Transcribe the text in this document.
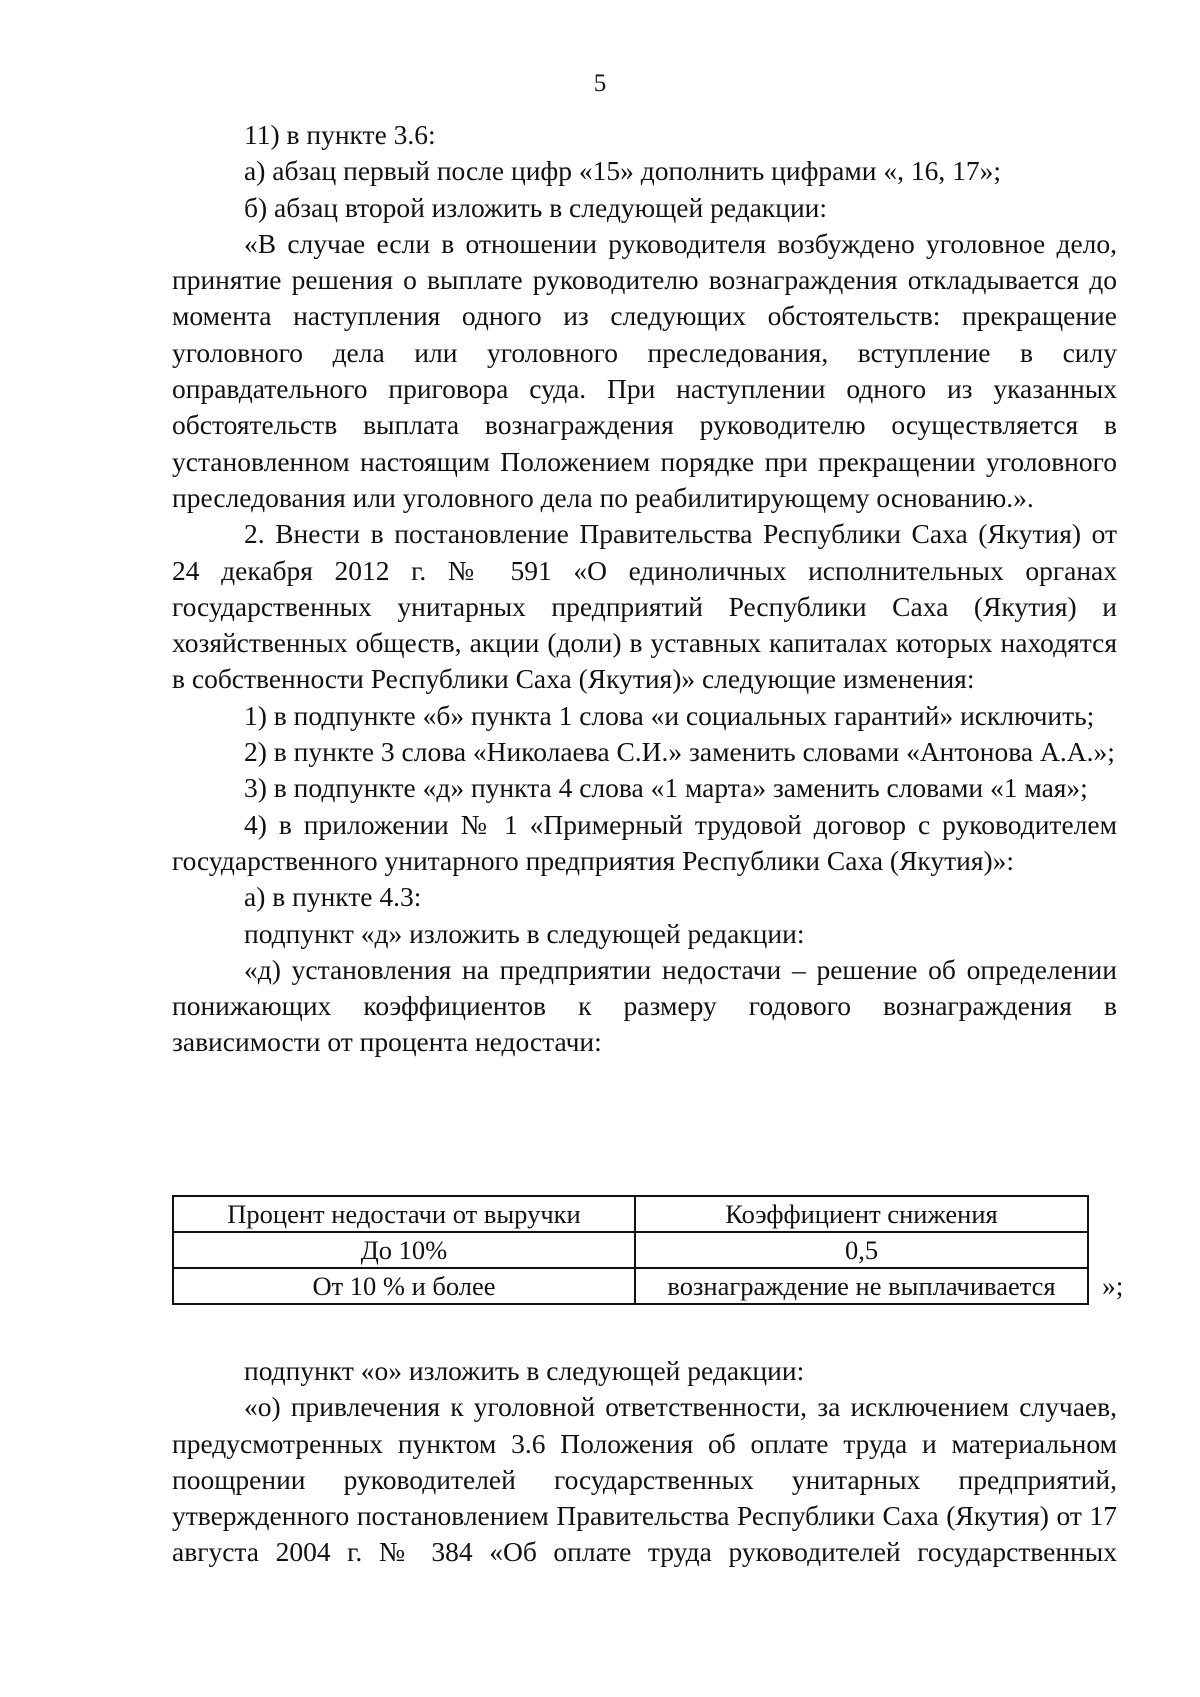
5

11) в пункте 3.6:

а) абзац первый после цифр «15» дополнить цифрами «, 16, 17»;

б) абзац второй изложить в следующей редакции:

«В случае если в отношении руководителя возбуждено уголовное дело, принятие решения о выплате руководителю вознаграждения откладывается до момента наступления одного из следующих обстоятельств: прекращение уголовного дела или уголовного преследования, вступление в силу оправдательного приговора суда. При наступлении одного из указанных обстоятельств выплата вознаграждения руководителю осуществляется в установленном настоящим Положением порядке при прекращении уголовного преследования или уголовного дела по реабилитирующему основанию.».

2. Внести в постановление Правительства Республики Саха (Якутия) от 24 декабря 2012 г. № 591 «О единоличных исполнительных органах государственных унитарных предприятий Республики Саха (Якутия) и хозяйственных обществ, акции (доли) в уставных капиталах которых находятся в собственности Республики Саха (Якутия)» следующие изменения:

1) в подпункте «б» пункта 1 слова «и социальных гарантий» исключить;

2) в пункте 3 слова «Николаева С.И.» заменить словами «Антонова А.А.»;

3) в подпункте «д» пункта 4 слова «1 марта» заменить словами «1 мая»;

4) в приложении № 1 «Примерный трудовой договор с руководителем государственного унитарного предприятия Республики Саха (Якутия)»:

а) в пункте 4.3:

подпункт «д» изложить в следующей редакции:

«д) установления на предприятии недостачи – решение об определении понижающих коэффициентов к размеру годового вознаграждения в зависимости от процента недостачи:

Процент недостачи от выручки	Коэффициент снижения
До 10%	0,5
От 10 % и более	вознаграждение не выплачивается »;

подпункт «о» изложить в следующей редакции:

«о) привлечения к уголовной ответственности, за исключением случаев, предусмотренных пунктом 3.6 Положения об оплате труда и материальном поощрении руководителей государственных унитарных предприятий, утвержденного постановлением Правительства Республики Саха (Якутия) от 17 августа 2004 г. № 384 «Об оплате труда руководителей государственных
